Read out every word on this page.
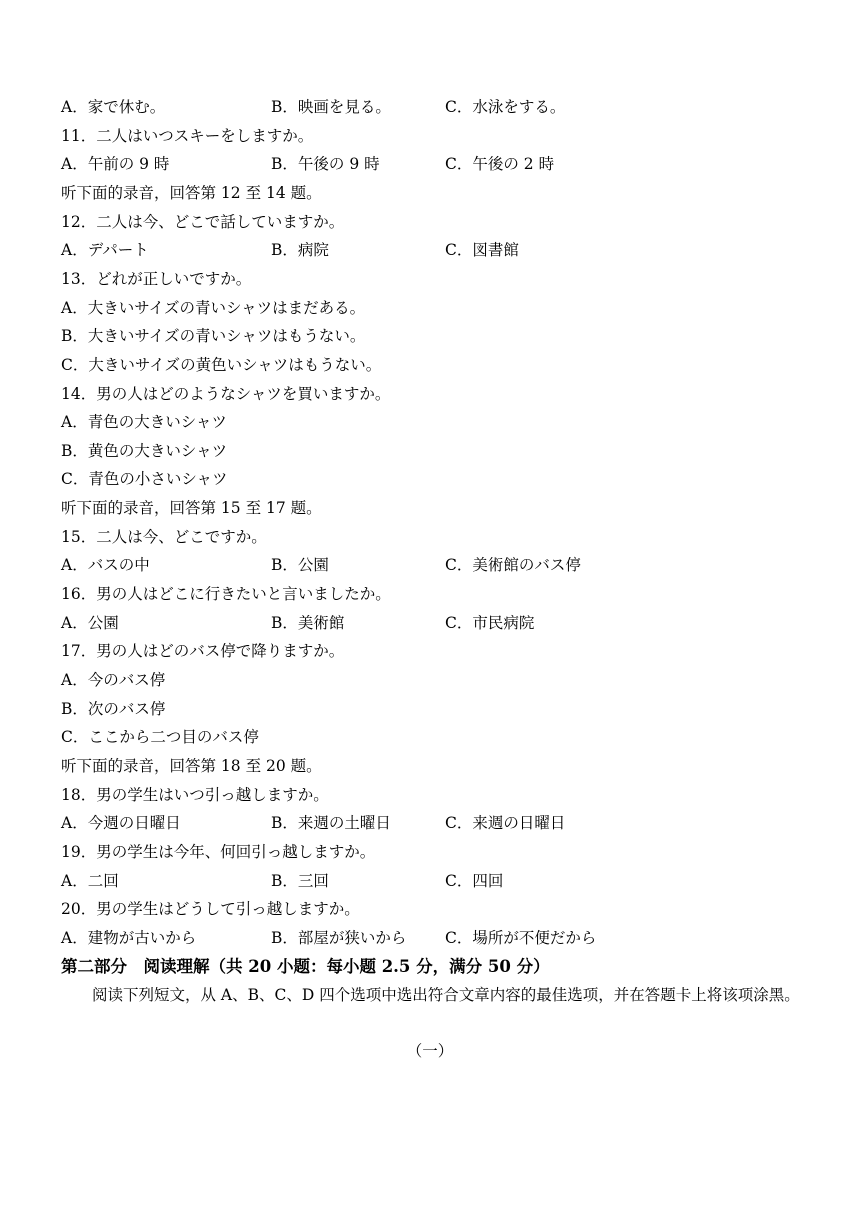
A．家で休む。	B．映画を見る。	C．水泳をする。
11．二人はいつスキーをしますか。
A．午前の 9 時	B．午後の 9 時	C．午後の 2 時
听下面的录音，回答第 12 至 14 题。
12．二人は今、どこで話していますか。
A．デパート	B．病院	C．図書館
13．どれが正しいですか。
A．大きいサイズの青いシャツはまだある。
B．大きいサイズの青いシャツはもうない。
C．大きいサイズの黄色いシャツはもうない。
14．男の人はどのようなシャツを買いますか。
A．青色の大きいシャツ
B．黄色の大きいシャツ
C．青色の小さいシャツ
听下面的录音，回答第 15 至 17 题。
15．二人は今、どこですか。
A．バスの中	B．公園	C．美術館のバス停
16．男の人はどこに行きたいと言いましたか。
A．公園	B．美術館	C．市民病院
17．男の人はどのバス停で降りますか。
A．今のバス停
B．次のバス停
C．ここから二つ目のバス停
听下面的录音，回答第 18 至 20 题。
18．男の学生はいつ引っ越しますか。
A．今週の日曜日	B．来週の土曜日	C．来週の日曜日
19．男の学生は今年、何回引っ越しますか。
A．二回	B．三回	C．四回
20．男の学生はどうして引っ越しますか。
A．建物が古いから	B．部屋が狭いから C．場所が不便だから
第二部分　阅读理解（共 20 小题：每小题 2.5 分，满分 50 分）
阅读下列短文，从 A、B、C、D 四个选项中选出符合文章内容的最佳选项，并在答题卡上将该项涂黑。
（一）
